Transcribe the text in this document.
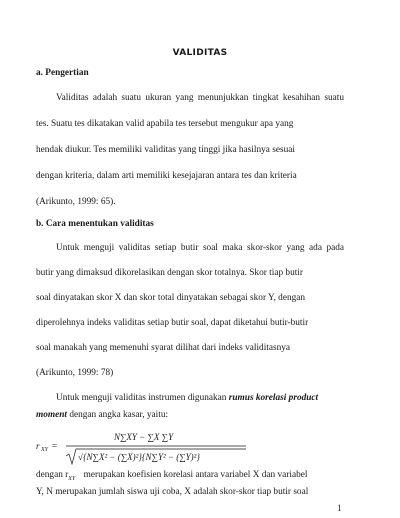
VALIDITAS
a. Pengertian
Validitas adalah suatu ukuran yang menunjukkan tingkat kesahihan suatu
tes. Suatu tes dikatakan valid apabila tes tersebut mengukur apa yang
hendak diukur. Tes memiliki validitas yang tinggi jika hasilnya sesuai
dengan kriteria, dalam arti memiliki kesejajaran antara tes dan kriteria
(Arikunto, 1999: 65).
b. Cara menentukan validitas
Untuk menguji validitas setiap butir soal maka skor-skor yang ada pada
butir yang dimaksud dikorelasikan dengan skor totalnya. Skor tiap butir
soal dinyatakan skor X dan skor total dinyatakan sebagai skor Y, dengan
diperolehnya indeks validitas setiap butir soal, dapat diketahui butir-butir
soal manakah yang memenuhi syarat dilihat dari indeks validitasnya
(Arikunto, 1999: 78)
Untuk menguji validitas instrumen digunakan rumus korelasi product
moment dengan angka kasar, yaitu:
r XY =
N∑XY − ∑X ∑Y
√{N∑X² − (∑X)²}{N∑Y² − (∑Y)²}
dengan $r_{XY}$ merupakan koefisien korelasi antara variabel X dan variabel
Y, N merupakan jumlah siswa uji coba, X adalah skor-skor tiap butir soal
1
